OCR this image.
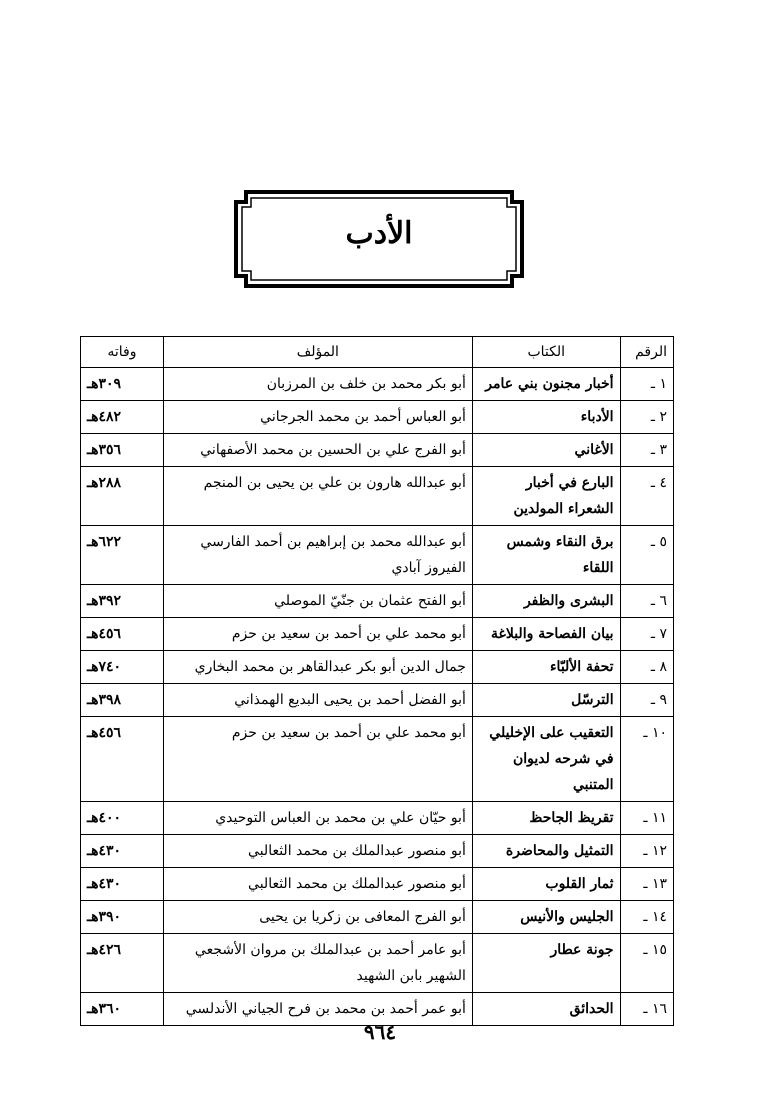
الأدب
الرقم	الكتاب	المؤلف	وفاته
١ ـ	أخبار مجنون بني عامر	أبو بكر محمد بن خلف بن المرزبان	٣٠٩هـ
٢ ـ	الأدباء	أبو العباس أحمد بن محمد الجرجاني	٤٨٢هـ
٣ ـ	الأغاني	أبو الفرج علي بن الحسين بن محمد الأصفهاني	٣٥٦هـ
٤ ـ	البارع في أخبار الشعراء المولدين	أبو عبدالله هارون بن علي بن يحيى بن المنجم	٢٨٨هـ
٥ ـ	برق النقاء وشمس اللقاء	أبو عبدالله محمد بن إبراهيم بن أحمد الفارسي الفيروز آبادي	٦٢٢هـ
٦ ـ	البشرى والظفر	أبو الفتح عثمان بن جنّيّ الموصلي	٣٩٢هـ
٧ ـ	بيان الفصاحة والبلاغة	أبو محمد علي بن أحمد بن سعيد بن حزم	٤٥٦هـ
٨ ـ	تحفة الألبّاء	جمال الدين أبو بكر عبدالقاهر بن محمد البخاري	٧٤٠هـ
٩ ـ	الترسّل	أبو الفضل أحمد بن يحيى البديع الهمذاني	٣٩٨هـ
١٠ ـ	التعقيب على الإخليلي في شرحه لديوان المتنبي	أبو محمد علي بن أحمد بن سعيد بن حزم	٤٥٦هـ
١١ ـ	تقريظ الجاحظ	أبو حيّان علي بن محمد بن العباس التوحيدي	٤٠٠هـ
١٢ ـ	التمثيل والمحاضرة	أبو منصور عبدالملك بن محمد الثعالبي	٤٣٠هـ
١٣ ـ	ثمار القلوب	أبو منصور عبدالملك بن محمد الثعالبي	٤٣٠هـ
١٤ ـ	الجليس والأنيس	أبو الفرج المعافى بن زكريا بن يحيى	٣٩٠هـ
١٥ ـ	جونة عطار	أبو عامر أحمد بن عبدالملك بن مروان الأشجعي الشهير بابن الشهيد	٤٢٦هـ
١٦ ـ	الحدائق	أبو عمر أحمد بن محمد بن فرح الجياني الأندلسي	٣٦٠هـ
٩٦٤
